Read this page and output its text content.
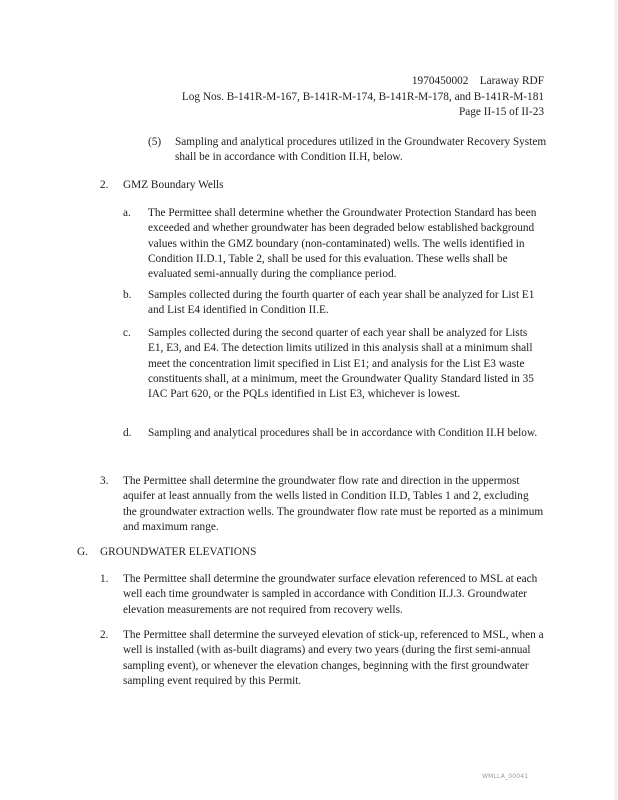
1970450002    Laraway RDF
Log Nos. B-141R-M-167, B-141R-M-174, B-141R-M-178, and B-141R-M-181
Page II-15 of II-23
(5) Sampling and analytical procedures utilized in the Groundwater Recovery System shall be in accordance with Condition II.H, below.

2. GMZ Boundary Wells
a. The Permittee shall determine whether the Groundwater Protection Standard has been exceeded and whether groundwater has been degraded below established background values within the GMZ boundary (non-contaminated) wells. The wells identified in Condition II.D.1, Table 2, shall be used for this evaluation. These wells shall be evaluated semi-annually during the compliance period.

b. Samples collected during the fourth quarter of each year shall be analyzed for List E1 and List E4 identified in Condition II.E.

c. Samples collected during the second quarter of each year shall be analyzed for Lists E1, E3, and E4. The detection limits utilized in this analysis shall at a minimum shall meet the concentration limit specified in List E1; and analysis for the List E3 waste constituents shall, at a minimum, meet the Groundwater Quality Standard listed in 35 IAC Part 620, or the PQLs identified in List E3, whichever is lowest.

d. Sampling and analytical procedures shall be in accordance with Condition II.H below.

3. The Permittee shall determine the groundwater flow rate and direction in the uppermost aquifer at least annually from the wells listed in Condition II.D, Tables 1 and 2, excluding the groundwater extraction wells. The groundwater flow rate must be reported as a minimum and maximum range.

G. GROUNDWATER ELEVATIONS
1. The Permittee shall determine the groundwater surface elevation referenced to MSL at each well each time groundwater is sampled in accordance with Condition II.J.3. Groundwater elevation measurements are not required from recovery wells.

2. The Permittee shall determine the surveyed elevation of stick-up, referenced to MSL, when a well is installed (with as-built diagrams) and every two years (during the first semi-annual sampling event), or whenever the elevation changes, beginning with the first groundwater sampling event required by this Permit.

WMLLA_00041
